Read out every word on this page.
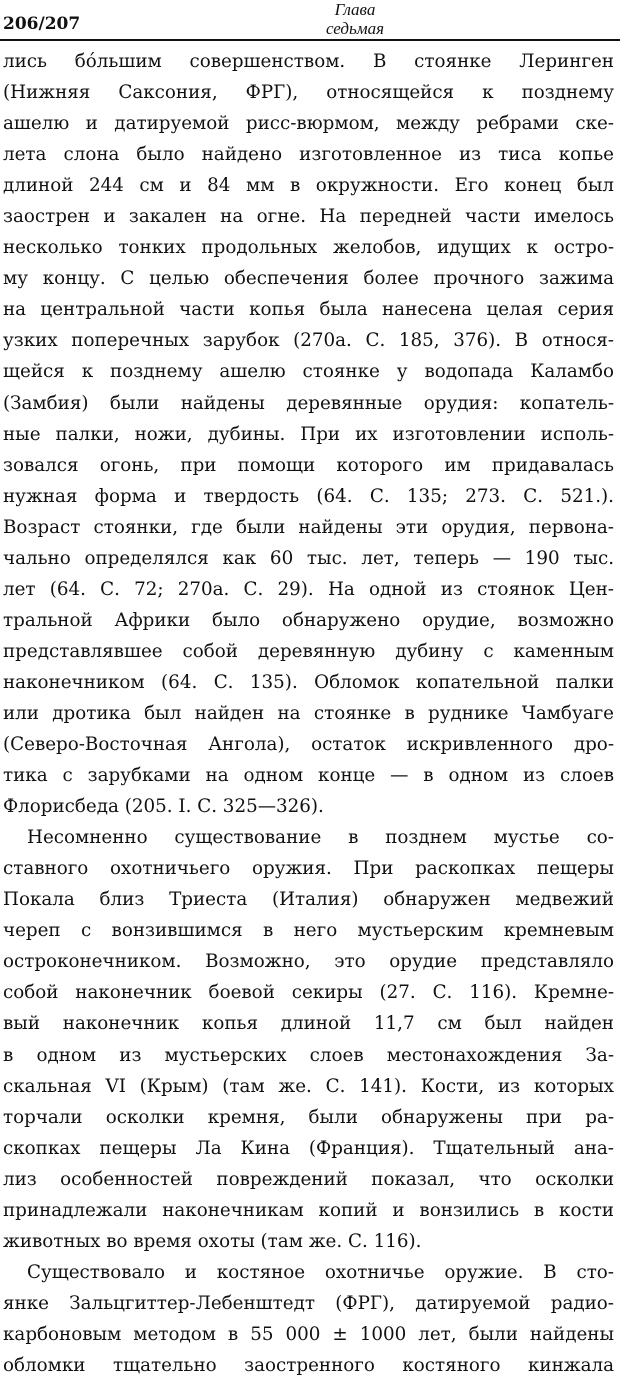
206/207
Глава
седьмая
лись бо́льшим совершенством. В стоянке Леринген
(Нижняя Саксония, ФРГ), относящейся к позднему
ашелю и датируемой рисс-вюрмом, между ребрами ске-
лета слона было найдено изготовленное из тиса копье
длиной 244 см и 84 мм в окружности. Его конец был
заострен и закален на огне. На передней части имелось
несколько тонких продольных желобов, идущих к остро-
му концу. С целью обеспечения более прочного зажима
на центральной части копья была нанесена целая серия
узких поперечных зарубок (270а. С. 185, 376). В относя-
щейся к позднему ашелю стоянке у водопада Каламбо
(Замбия) были найдены деревянные орудия: копатель-
ные палки, ножи, дубины. При их изготовлении исполь-
зовался огонь, при помощи которого им придавалась
нужная форма и твердость (64. С. 135; 273. С. 521.).
Возраст стоянки, где были найдены эти орудия, первона-
чально определялся как 60 тыс. лет, теперь — 190 тыс.
лет (64. С. 72; 270а. С. 29). На одной из стоянок Цен-
тральной Африки было обнаружено орудие, возможно
представлявшее собой деревянную дубину с каменным
наконечником (64. С. 135). Обломок копательной палки
или дротика был найден на стоянке в руднике Чамбуаге
(Северо-Восточная Ангола), остаток искривленного дро-
тика с зарубками на одном конце — в одном из слоев
Флорисбеда (205. I. С. 325—326).
Несомненно существование в позднем мустье со-
ставного охотничьего оружия. При раскопках пещеры
Покала близ Триеста (Италия) обнаружен медвежий
череп с вонзившимся в него мустьерским кремневым
остроконечником. Возможно, это орудие представляло
собой наконечник боевой секиры (27. С. 116). Кремне-
вый наконечник копья длиной 11,7 см был найден
в одном из мустьерских слоев местонахождения За-
скальная VI (Крым) (там же. С. 141). Кости, из которых
торчали осколки кремня, были обнаружены при ра-
скопках пещеры Ла Кина (Франция). Тщательный ана-
лиз особенностей повреждений показал, что осколки
принадлежали наконечникам копий и вонзились в кости
животных во время охоты (там же. С. 116).
Существовало и костяное охотничье оружие. В сто-
янке Зальцгиттер-Лебенштедт (ФРГ), датируемой радио-
карбоновым методом в 55 000 ± 1000 лет, были найдены
обломки тщательно заостренного костяного кинжала
